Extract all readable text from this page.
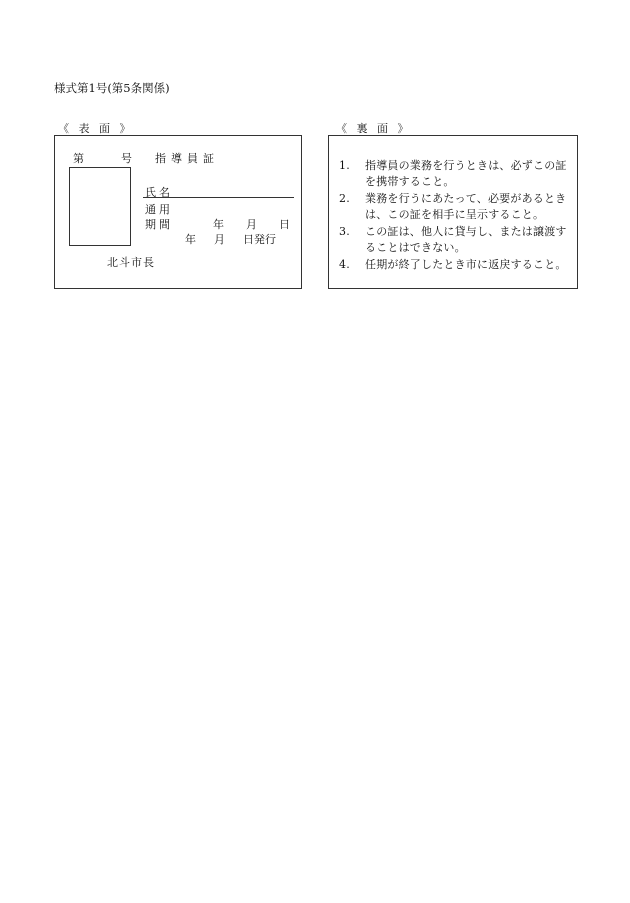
様式第1号(第5条関係)
《 表 面 》	《 裏 面 》
第	号 指導員証
氏名
通用
期間	年 月 日
年 月 日発行
北斗市長
1. 指導員の業務を行うときは、必ずこの証を携帯すること。
2. 業務を行うにあたって、必要があるときは、この証を相手に呈示すること。
3. この証は、他人に貸与し、または譲渡することはできない。
4. 任期が終了したとき市に返戻すること。
